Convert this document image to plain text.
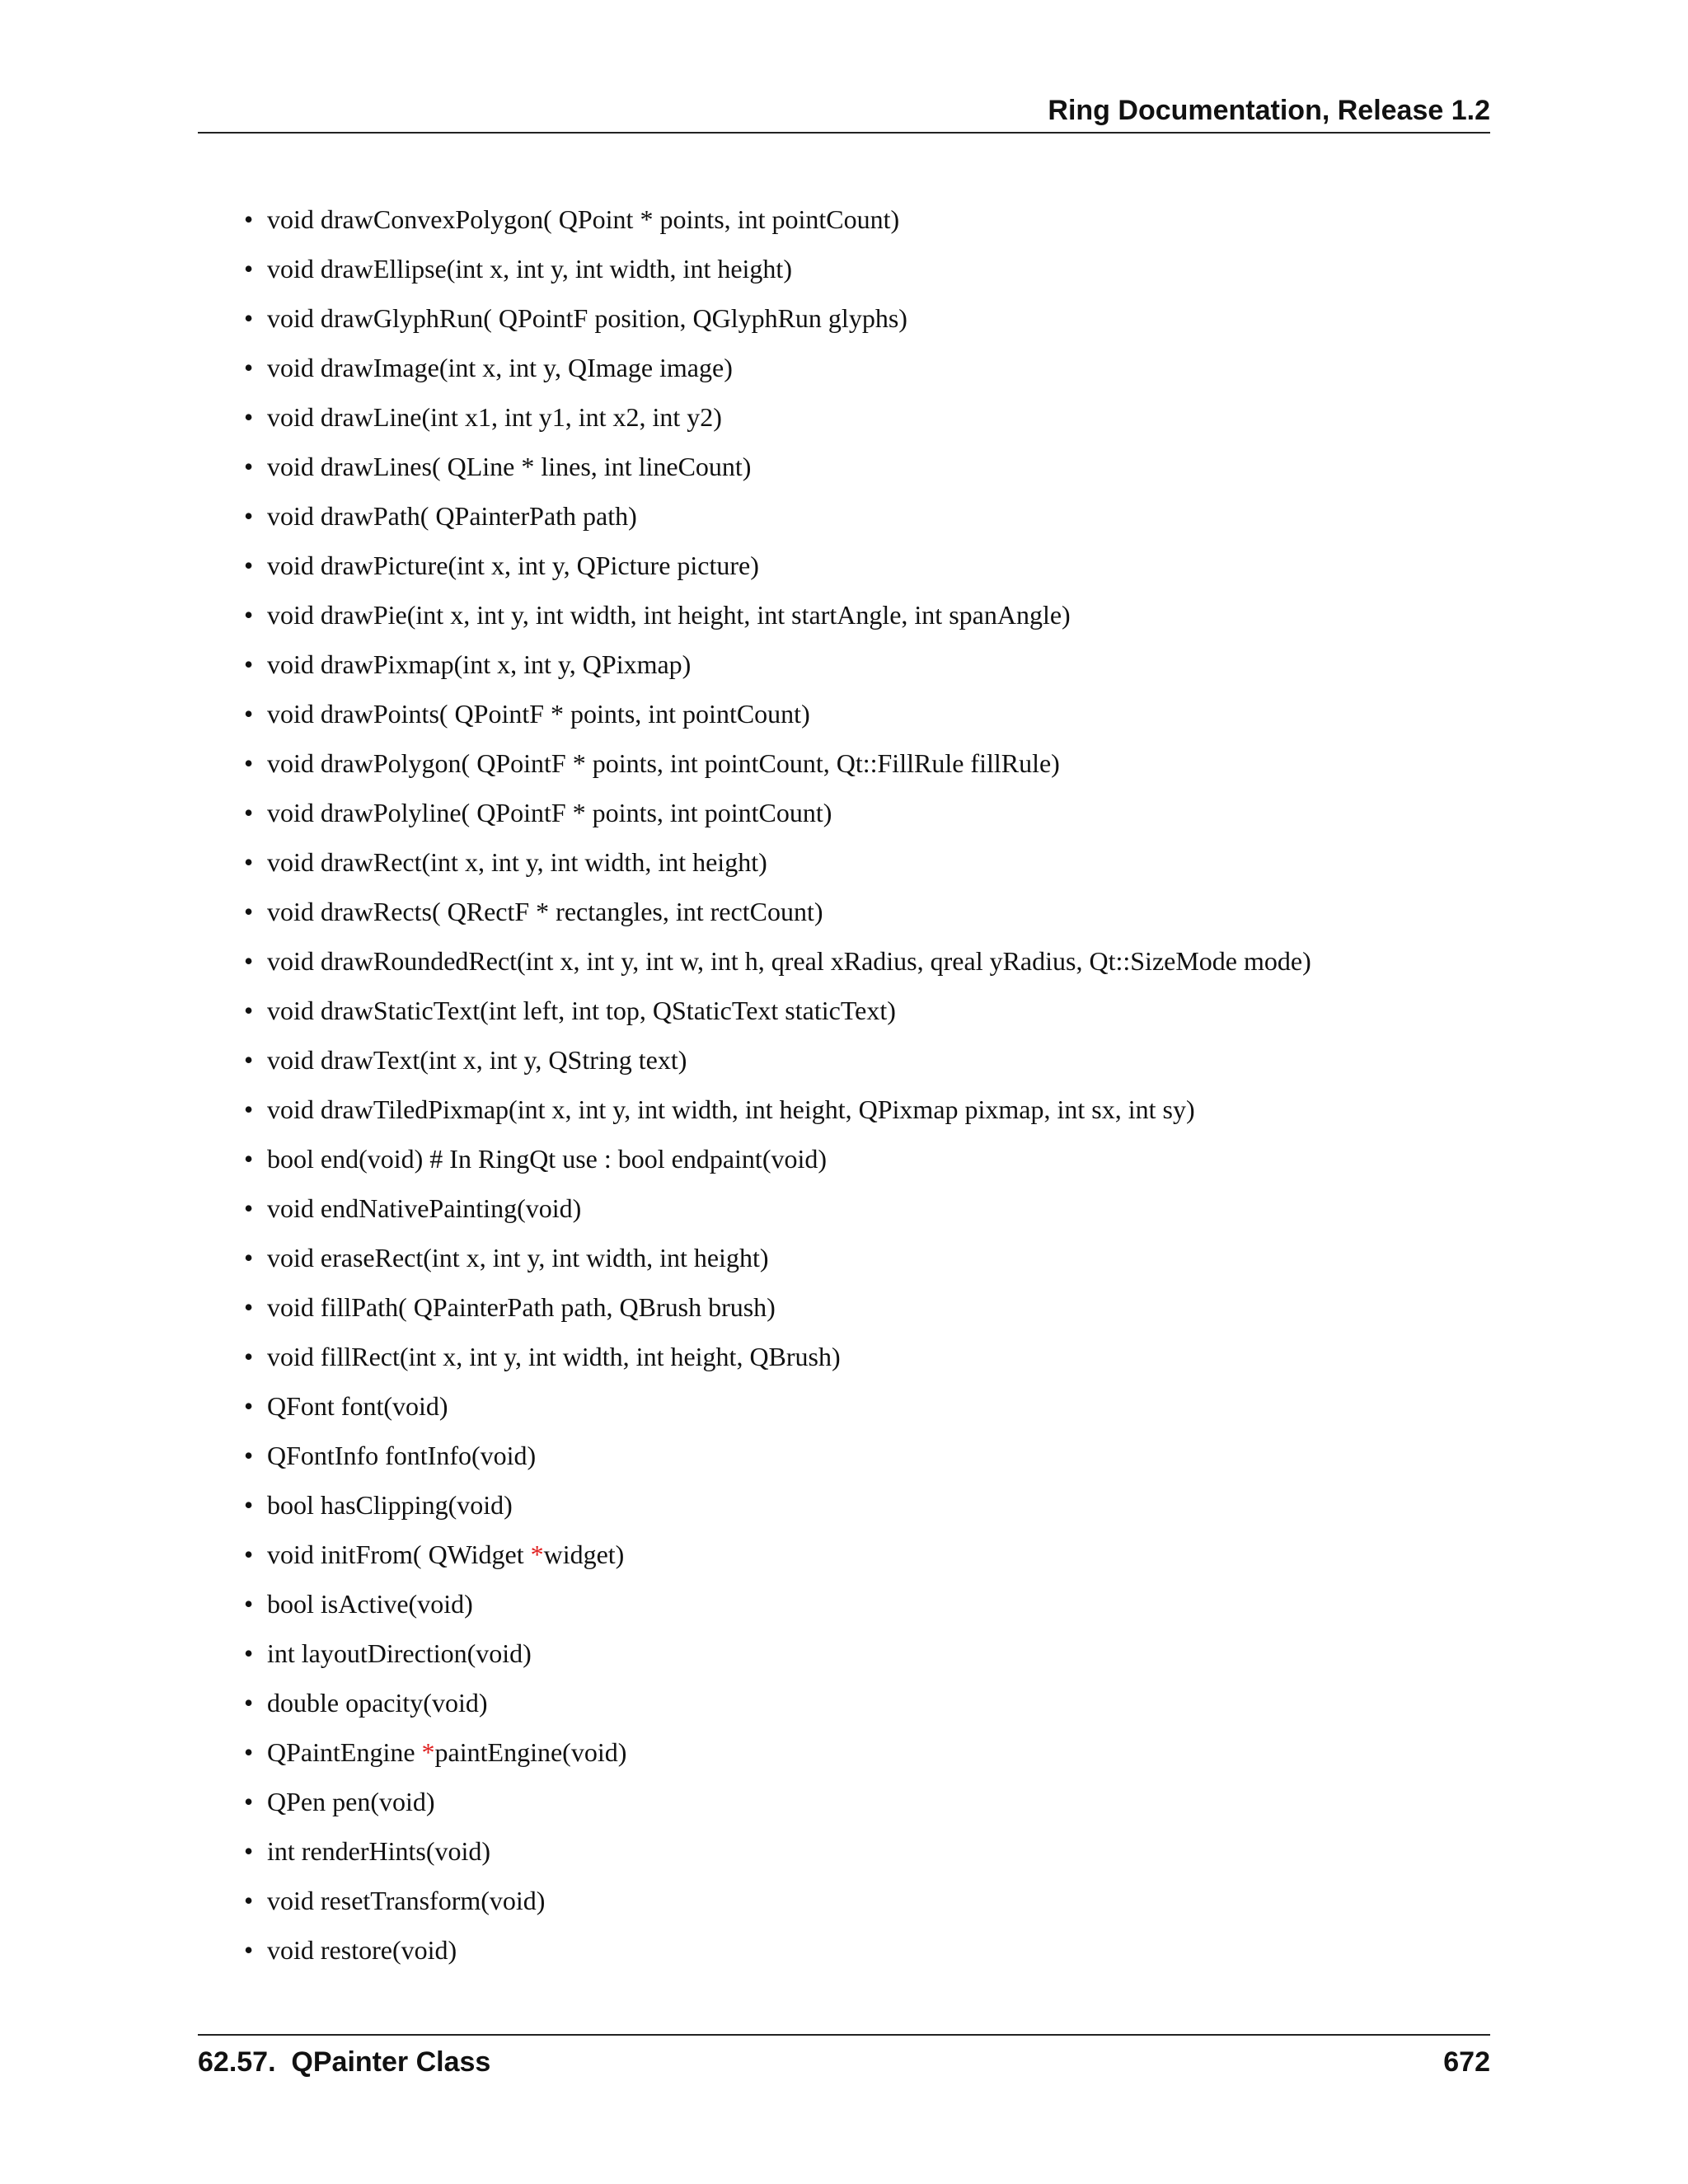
Ring Documentation, Release 1.2
• void drawConvexPolygon( QPoint * points, int pointCount)
• void drawEllipse(int x, int y, int width, int height)
• void drawGlyphRun( QPointF position, QGlyphRun glyphs)
• void drawImage(int x, int y, QImage image)
• void drawLine(int x1, int y1, int x2, int y2)
• void drawLines( QLine * lines, int lineCount)
• void drawPath( QPainterPath path)
• void drawPicture(int x, int y, QPicture picture)
• void drawPie(int x, int y, int width, int height, int startAngle, int spanAngle)
• void drawPixmap(int x, int y, QPixmap)
• void drawPoints( QPointF * points, int pointCount)
• void drawPolygon( QPointF * points, int pointCount, Qt::FillRule fillRule)
• void drawPolyline( QPointF * points, int pointCount)
• void drawRect(int x, int y, int width, int height)
• void drawRects( QRectF * rectangles, int rectCount)
• void drawRoundedRect(int x, int y, int w, int h, qreal xRadius, qreal yRadius, Qt::SizeMode mode)
• void drawStaticText(int left, int top, QStaticText staticText)
• void drawText(int x, int y, QString text)
• void drawTiledPixmap(int x, int y, int width, int height, QPixmap pixmap, int sx, int sy)
• bool end(void) # In RingQt use : bool endpaint(void)
• void endNativePainting(void)
• void eraseRect(int x, int y, int width, int height)
• void fillPath( QPainterPath path, QBrush brush)
• void fillRect(int x, int y, int width, int height, QBrush)
• QFont font(void)
• QFontInfo fontInfo(void)
• bool hasClipping(void)
• void initFrom( QWidget *widget)
• bool isActive(void)
• int layoutDirection(void)
• double opacity(void)
• QPaintEngine *paintEngine(void)
• QPen pen(void)
• int renderHints(void)
• void resetTransform(void)
• void restore(void)
62.57.  QPainter Class	672
